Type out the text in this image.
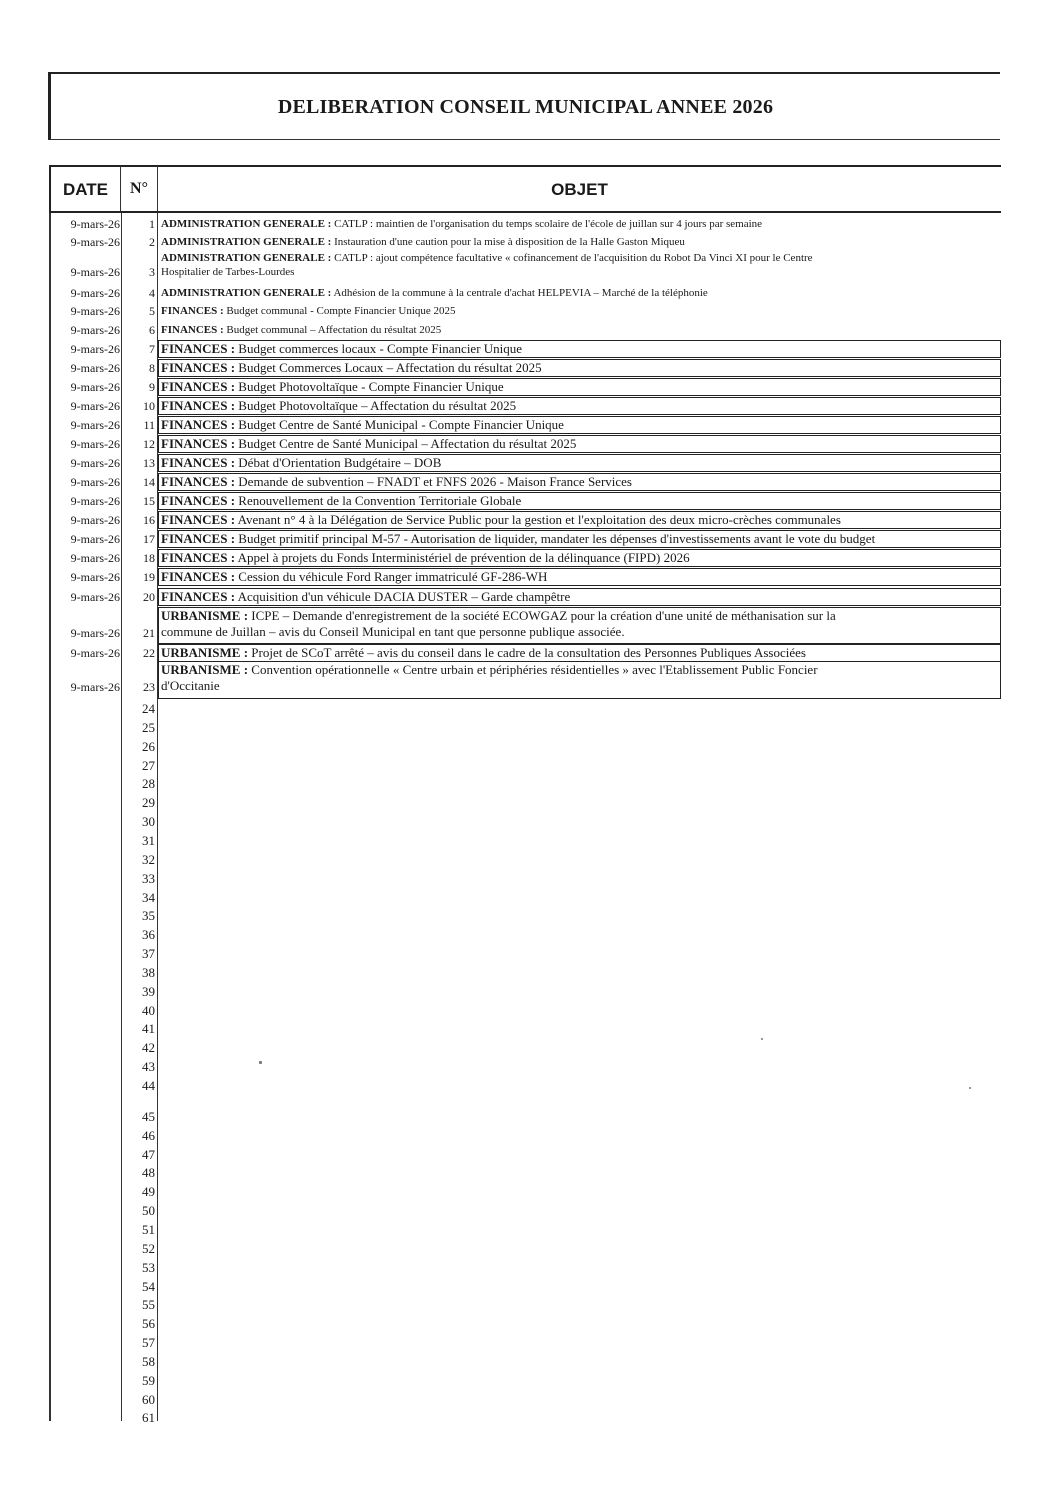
DELIBERATION CONSEIL MUNICIPAL ANNEE 2026
DATE	N°	OBJET
9-mars-26	1 ADMINISTRATION GENERALE : CATLP : maintien de l'organisation du temps scolaire de l'école de juillan sur 4 jours par semaine
9-mars-26	2 ADMINISTRATION GENERALE : Instauration d'une caution pour la mise à disposition de la Halle Gaston Miqueu
9-mars-26	3
ADMINISTRATION GENERALE : CATLP : ajout compétence facultative « cofinancement de l'acquisition du Robot Da Vinci XI pour le Centre
Hospitalier de Tarbes-Lourdes
9-mars-26	4 ADMINISTRATION GENERALE : Adhésion de la commune à la centrale d'achat HELPEVIA – Marché de la téléphonie
9-mars-26	5 FINANCES : Budget communal - Compte Financier Unique 2025
9-mars-26	6 FINANCES : Budget communal – Affectation du résultat 2025
9-mars-26	7 FINANCES : Budget commerces locaux - Compte Financier Unique
9-mars-26	8 FINANCES : Budget Commerces Locaux – Affectation du résultat 2025
9-mars-26	9 FINANCES : Budget Photovoltaïque - Compte Financier Unique
9-mars-26	10 FINANCES : Budget Photovoltaïque – Affectation du résultat 2025
9-mars-26	11 FINANCES : Budget Centre de Santé Municipal - Compte Financier Unique
9-mars-26	12 FINANCES : Budget Centre de Santé Municipal – Affectation du résultat 2025
9-mars-26	13 FINANCES : Débat d'Orientation Budgétaire – DOB
9-mars-26	14 FINANCES : Demande de subvention – FNADT et FNFS 2026 - Maison France Services
9-mars-26	15 FINANCES : Renouvellement de la Convention Territoriale Globale
9-mars-26	16 FINANCES : Avenant n° 4 à la Délégation de Service Public pour la gestion et l'exploitation des deux micro-crèches communales
9-mars-26	17 FINANCES : Budget primitif principal M-57 - Autorisation de liquider, mandater les dépenses d'investissements avant le vote du budget
9-mars-26	18 FINANCES : Appel à projets du Fonds Interministériel de prévention de la délinquance (FIPD) 2026
9-mars-26	19 FINANCES : Cession du véhicule Ford Ranger immatriculé GF-286-WH
9-mars-26	20 FINANCES : Acquisition d'un véhicule DACIA DUSTER – Garde champêtre
9-mars-26	21
URBANISME : ICPE – Demande d'enregistrement de la société ECOWGAZ pour la création d'une unité de méthanisation sur la
commune de Juillan – avis du Conseil Municipal en tant que personne publique associée.
9-mars-26	22 URBANISME : Projet de SCoT arrêté – avis du conseil dans le cadre de la consultation des Personnes Publiques Associées
9-mars-26	23
URBANISME : Convention opérationnelle « Centre urbain et périphéries résidentielles » avec l'Etablissement Public Foncier
d'Occitanie
24
25
26
27
28
29
30
31
32
33
34
35
36
37
38
39
40
41
42
43
44
45
46
47
48
49
50
51
52
53
54
55
56
57
58
59
60
61
